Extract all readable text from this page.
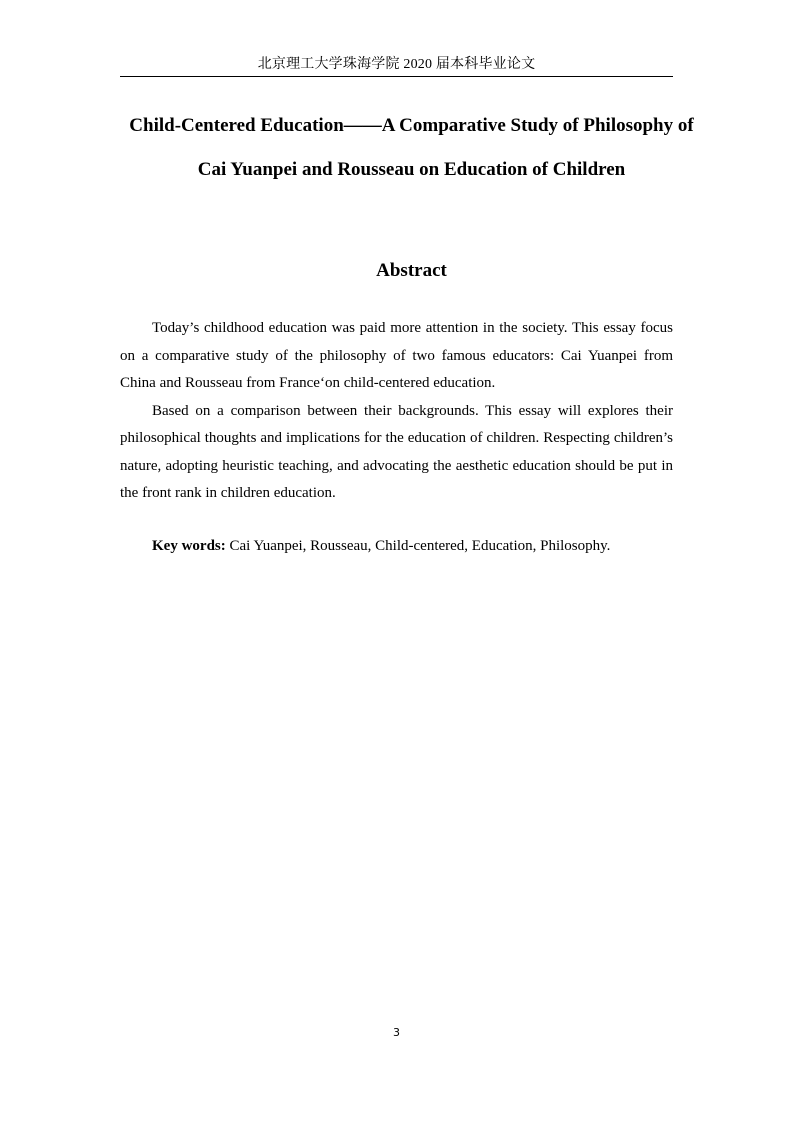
北京理工大学珠海学院 2020 届本科毕业论文
Child-Centered Education——A Comparative Study of Philosophy of Cai Yuanpei and Rousseau on Education of Children
Abstract

Today’s childhood education was paid more attention in the society. This essay focus on a comparative study of the philosophy of two famous educators: Cai Yuanpei from China and Rousseau from France‘on child-centered education.

Based on a comparison between their backgrounds. This essay will explores their philosophical thoughts and implications for the education of children. Respecting children’s nature, adopting heuristic teaching, and advocating the aesthetic education should be put in the front rank in children education.

Key words: Cai Yuanpei, Rousseau, Child-centered, Education, Philosophy.
3
